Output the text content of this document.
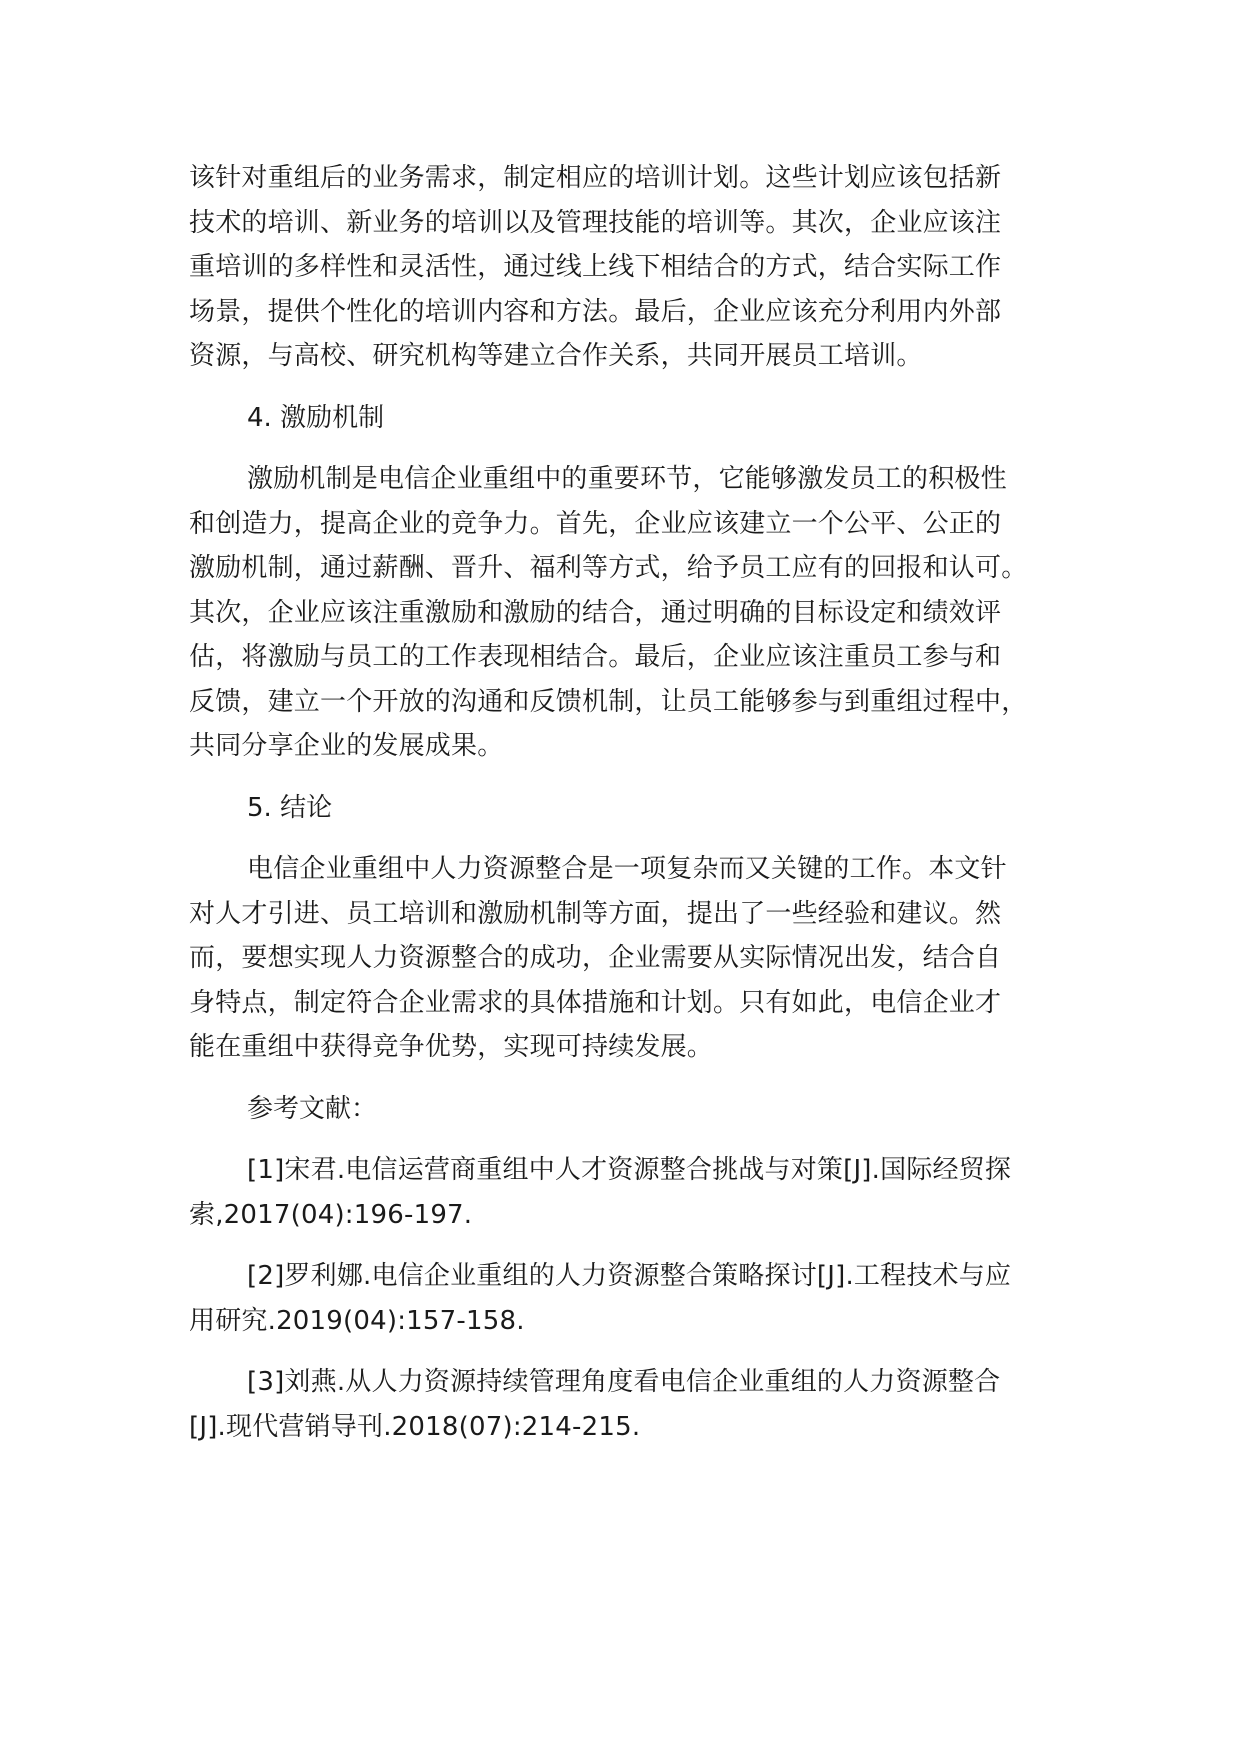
该针对重组后的业务需求，制定相应的培训计划。这些计划应该包括新
技术的培训、新业务的培训以及管理技能的培训等。其次，企业应该注
重培训的多样性和灵活性，通过线上线下相结合的方式，结合实际工作
场景，提供个性化的培训内容和方法。最后，企业应该充分利用内外部
资源，与高校、研究机构等建立合作关系，共同开展员工培训。
4. 激励机制
激励机制是电信企业重组中的重要环节，它能够激发员工的积极性
和创造力，提高企业的竞争力。首先，企业应该建立一个公平、公正的
激励机制，通过薪酬、晋升、福利等方式，给予员工应有的回报和认可。
其次，企业应该注重激励和激励的结合，通过明确的目标设定和绩效评
估，将激励与员工的工作表现相结合。最后，企业应该注重员工参与和
反馈，建立一个开放的沟通和反馈机制，让员工能够参与到重组过程中，
共同分享企业的发展成果。
5. 结论
电信企业重组中人力资源整合是一项复杂而又关键的工作。本文针
对人才引进、员工培训和激励机制等方面，提出了一些经验和建议。然
而，要想实现人力资源整合的成功，企业需要从实际情况出发，结合自
身特点，制定符合企业需求的具体措施和计划。只有如此，电信企业才
能在重组中获得竞争优势，实现可持续发展。
参考文献：
[1]宋君.电信运营商重组中人才资源整合挑战与对策[J].国际经贸探
索,2017(04):196-197.
[2]罗利娜.电信企业重组的人力资源整合策略探讨[J].工程技术与应
用研究.2019(04):157-158.
[3]刘燕.从人力资源持续管理角度看电信企业重组的人力资源整合
[J].现代营销导刊.2018(07):214-215.
